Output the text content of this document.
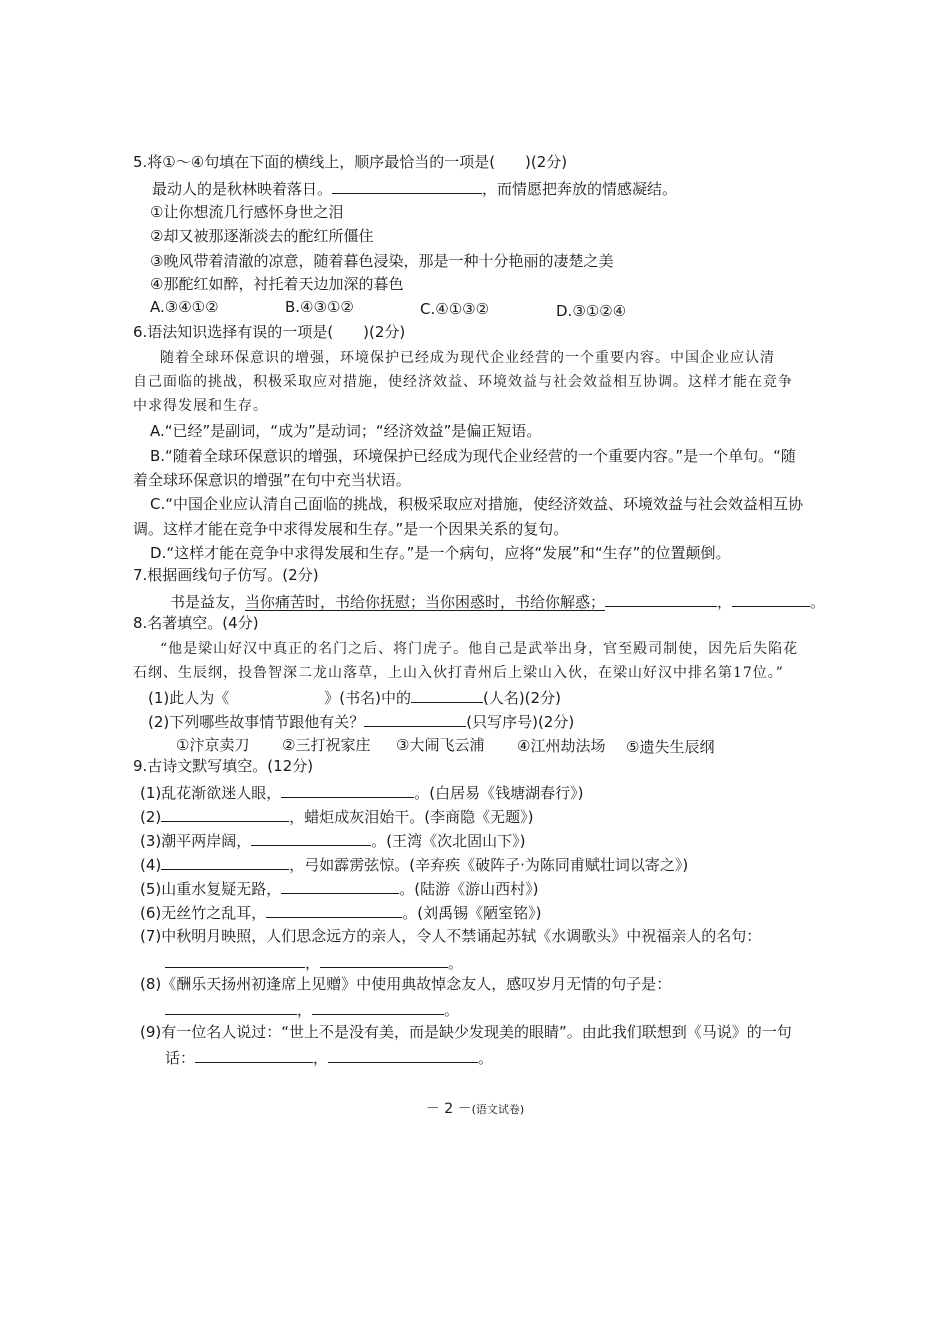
5.将①～④句填在下面的横线上，顺序最恰当的一项是(　　)(2分)
最动人的是秋林映着落日。	，而情愿把奔放的情感凝结。
①让你想流几行感怀身世之泪
②却又被那逐渐淡去的酡红所僵住
③晚风带着清澈的凉意，随着暮色浸染，那是一种十分艳丽的凄楚之美
④那酡红如醉，衬托着天边加深的暮色
A.③④①②	B.④③①②	C.④①③②	D.③①②④
6.语法知识选择有误的一项是(　　)(2分)
随着全球环保意识的增强，环境保护已经成为现代企业经营的一个重要内容。中国企业应认清
自己面临的挑战，积极采取应对措施，使经济效益、环境效益与社会效益相互协调。这样才能在竞争
中求得发展和生存。
A.“已经”是副词，“成为”是动词；“经济效益”是偏正短语。
B.“随着全球环保意识的增强，环境保护已经成为现代企业经营的一个重要内容。”是一个单句。“随
着全球环保意识的增强”在句中充当状语。
C.“中国企业应认清自己面临的挑战，积极采取应对措施，使经济效益、环境效益与社会效益相互协
调。这样才能在竞争中求得发展和生存。”是一个因果关系的复句。
D.“这样才能在竞争中求得发展和生存。”是一个病句，应将“发展”和“生存”的位置颠倒。
7.根据画线句子仿写。(2分)
书是益友，当你痛苦时，书给你抚慰；当你困惑时，书给你解惑；	，	。
8.名著填空。(4分)
“他是梁山好汉中真正的名门之后、将门虎子。他自己是武举出身，官至殿司制使，因先后失陷花
石纲、生辰纲，投鲁智深二龙山落草，上山入伙打青州后上梁山入伙，在梁山好汉中排名第17位。”
(1)此人为《	》(书名)中的	(人名)(2分)
(2)下列哪些故事情节跟他有关？	(只写序号)(2分)
①汴京卖刀 ②三打祝家庄 ③大闹飞云浦 ④江州劫法场 ⑤遗失生辰纲
9.古诗文默写填空。(12分)
(1)乱花渐欲迷人眼，	。(白居易《钱塘湖春行》)
(2)	，蜡炬成灰泪始干。(李商隐《无题》)
(3)潮平两岸阔，	。(王湾《次北固山下》)
(4)	，弓如霹雳弦惊。(辛弃疾《破阵子·为陈同甫赋壮词以寄之》)
(5)山重水复疑无路，	。(陆游《游山西村》)
(6)无丝竹之乱耳，	。(刘禹锡《陋室铭》)
(7)中秋明月映照，人们思念远方的亲人，令人不禁诵起苏轼《水调歌头》中祝福亲人的名句：
，	。
(8)《酬乐天扬州初逢席上见赠》中使用典故悼念友人，感叹岁月无情的句子是：
，	。
(9)有一位名人说过：“世上不是没有美，而是缺少发现美的眼睛”。由此我们联想到《马说》的一句
话：	，	。
－ 2 －(语文试卷)
